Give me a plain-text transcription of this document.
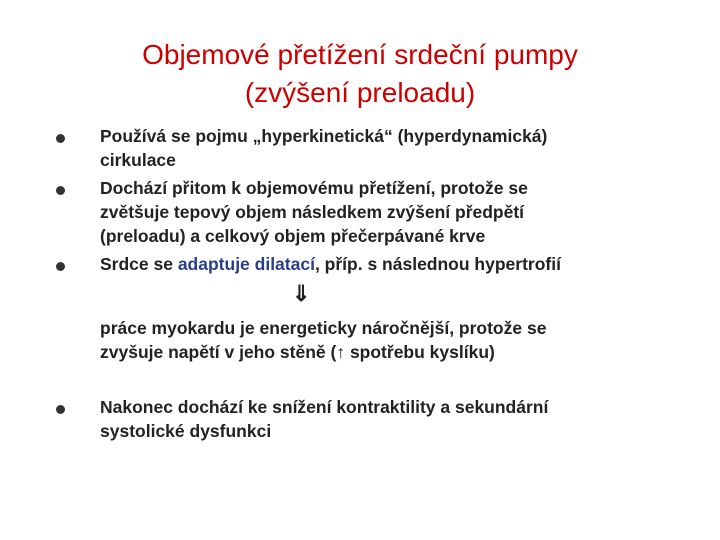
Objemové přetížení srdeční pumpy
(zvýšení preloadu)
Používá se pojmu „hyperkinetická“ (hyperdynamická)
cirkulace
Dochází přitom k objemovému přetížení, protože se
zvětšuje tepový objem následkem zvýšení předpětí
(preloadu) a celkový objem přečerpávané krve
Srdce se adaptuje dilatací, příp. s následnou hypertrofií
⇓
práce myokardu je energeticky náročnější, protože se
zvyšuje napětí v jeho stěně (↑ spotřebu kyslíku)
Nakonec dochází ke snížení kontraktility a sekundární
systolické dysfunkci
